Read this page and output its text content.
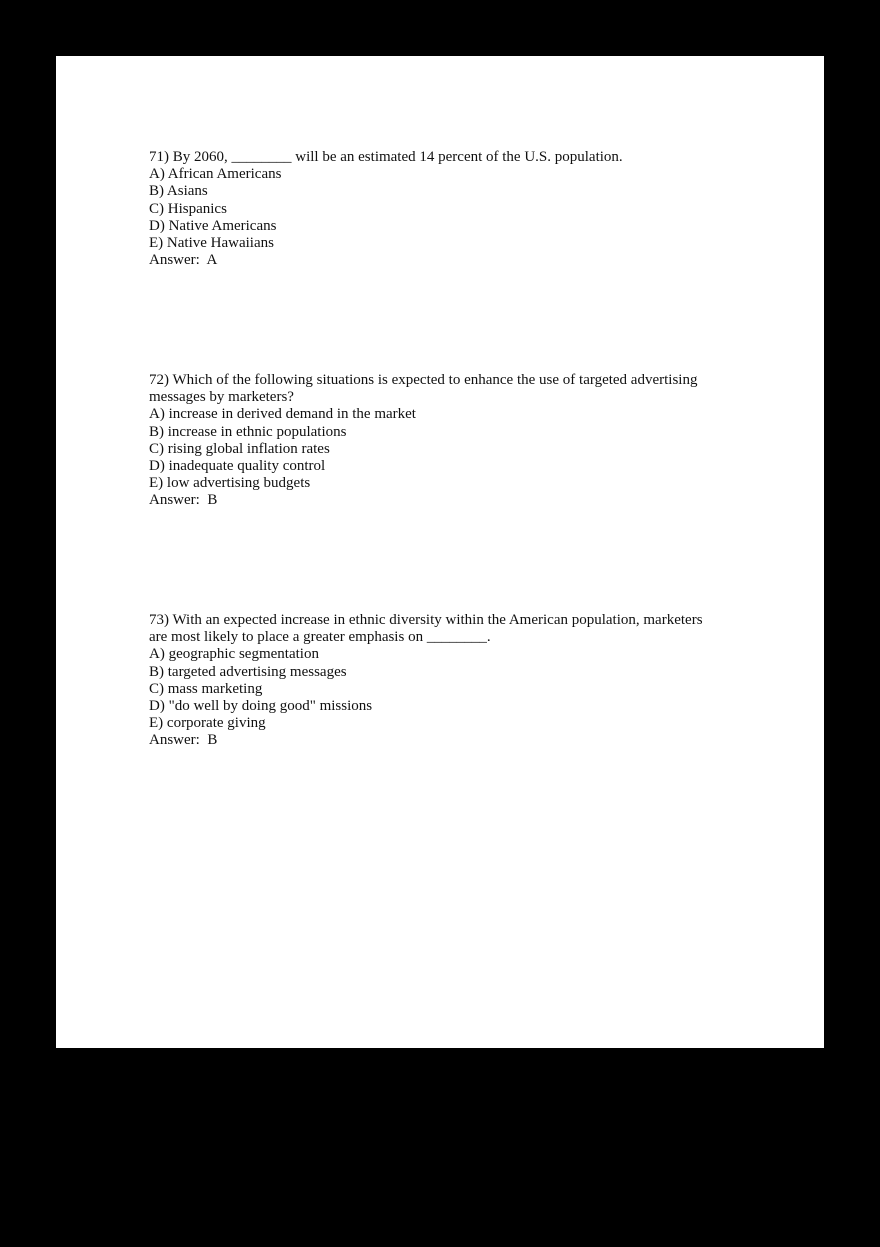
71) By 2060, ________ will be an estimated 14 percent of the U.S. population.
A) African Americans
B) Asians
C) Hispanics
D) Native Americans
E) Native Hawaiians
Answer:  A
72) Which of the following situations is expected to enhance the use of targeted advertising messages by marketers?
A) increase in derived demand in the market
B) increase in ethnic populations
C) rising global inflation rates
D) inadequate quality control
E) low advertising budgets
Answer:  B
73) With an expected increase in ethnic diversity within the American population, marketers are most likely to place a greater emphasis on ________.
A) geographic segmentation
B) targeted advertising messages
C) mass marketing
D) "do well by doing good" missions
E) corporate giving
Answer:  B
